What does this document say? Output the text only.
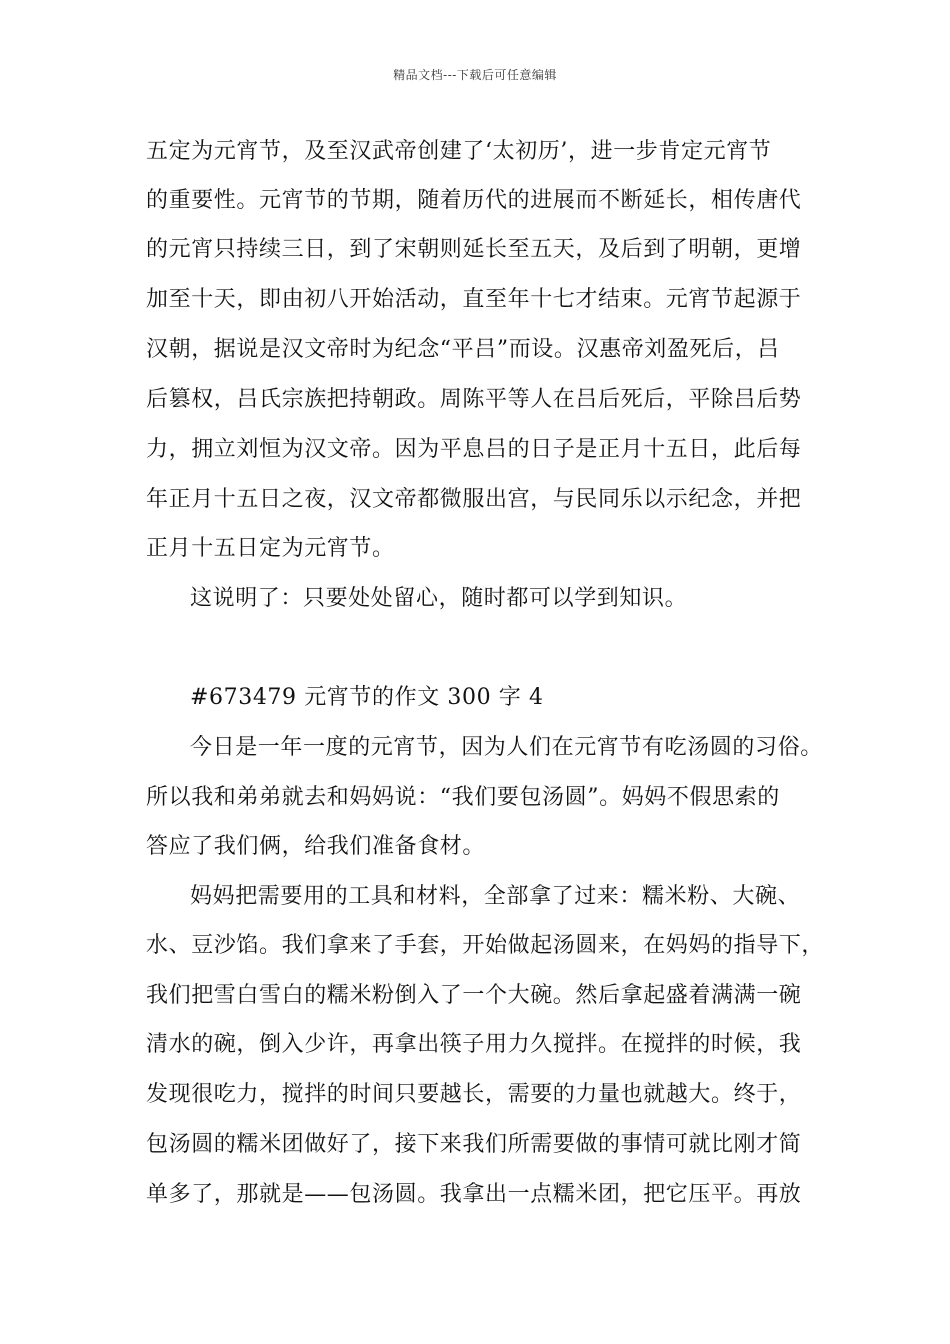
精品文档---下载后可任意编辑
五定为元宵节，及至汉武帝创建了‘太初历’，进一步肯定元宵节
的重要性。元宵节的节期，随着历代的进展而不断延长，相传唐代
的元宵只持续三日，到了宋朝则延长至五天，及后到了明朝，更增
加至十天，即由初八开始活动，直至年十七才结束。元宵节起源于
汉朝，据说是汉文帝时为纪念“平吕”而设。汉惠帝刘盈死后，吕
后篡权，吕氏宗族把持朝政。周陈平等人在吕后死后，平除吕后势
力，拥立刘恒为汉文帝。因为平息吕的日子是正月十五日，此后每
年正月十五日之夜，汉文帝都微服出宫，与民同乐以示纪念，并把
正月十五日定为元宵节。
这说明了：只要处处留心，随时都可以学到知识。
#673479 元宵节的作文 300 字 4
今日是一年一度的元宵节，因为人们在元宵节有吃汤圆的习俗。
所以我和弟弟就去和妈妈说：“我们要包汤圆”。妈妈不假思索的
答应了我们俩，给我们准备食材。
妈妈把需要用的工具和材料，全部拿了过来：糯米粉、大碗、
水、豆沙馅。我们拿来了手套，开始做起汤圆来，在妈妈的指导下，
我们把雪白雪白的糯米粉倒入了一个大碗。然后拿起盛着满满一碗
清水的碗，倒入少许，再拿出筷子用力久搅拌。在搅拌的时候，我
发现很吃力，搅拌的时间只要越长，需要的力量也就越大。终于，
包汤圆的糯米团做好了，接下来我们所需要做的事情可就比刚才简
单多了，那就是——包汤圆。我拿出一点糯米团，把它压平。再放
